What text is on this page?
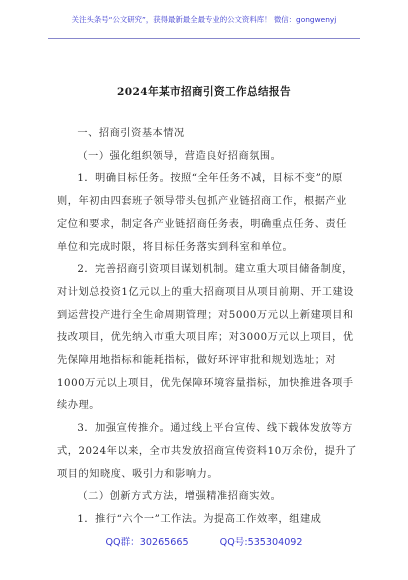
关注头条号“公文研究”，获得最新最全最专业的公文资料库！ 微信：gongwenyj
2024年某市招商引资工作总结报告

一、招商引资基本情况

（一）强化组织领导，营造良好招商氛围。

1．明确目标任务。按照“全年任务不减，目标不变”的原则，年初由四套班子领导带头包抓产业链招商工作，根据产业定位和要求，制定各产业链招商任务表，明确重点任务、责任单位和完成时限，将目标任务落实到科室和单位。

2．完善招商引资项目谋划机制。建立重大项目储备制度，对计划总投资1亿元以上的重大招商项目从项目前期、开工建设到运营投产进行全生命周期管理；对5000万元以上新建项目和技改项目，优先纳入市重大项目库；对3000万元以上项目，优先保障用地指标和能耗指标，做好环评审批和规划选址；对1000万元以上项目，优先保障环境容量指标，加快推进各项手续办理。

3．加强宣传推介。通过线上平台宣传、线下载体发放等方式，2024年以来，全市共发放招商宣传资料10万余份，提升了项目的知晓度、吸引力和影响力。

（二）创新方式方法，增强精准招商实效。

1．推行“六个一”工作法。为提高工作效率，组建成

QQ群：30265665	QQ号:535304092
